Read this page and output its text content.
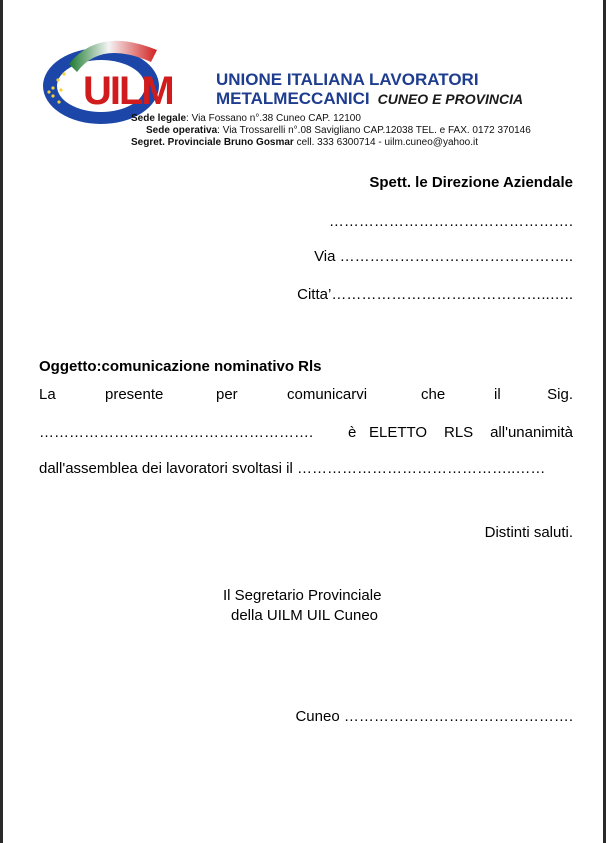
UILM	UNIONE ITALIANA LAVORATORI
METALMECCANICI CUNEO E PROVINCIA
Sede legale: Via Fossano n°.38 Cuneo CAP. 12100
Sede operativa: Via Trossarelli n°.08 Savigliano CAP.12038 TEL. e FAX. 0172 370146
Segret. Provinciale Bruno Gosmar cell. 333 6300714 - uilm.cuneo@yahoo.it
Spett. le Direzione Aziendale
………………………………………….
Via ………………………………………..
Citta’……………………………………..…..
Oggetto:comunicazione nominativo Rls
La	presente	per	comunicarvi	che	il	Sig.
………………………………………………. è ELETTO RLS all'unanimità
dall'assemblea dei lavoratori svoltasi il ……………………………………..……
Distinti saluti.
Il Segretario Provinciale
della UILM UIL Cuneo
Cuneo ……………………………………….
